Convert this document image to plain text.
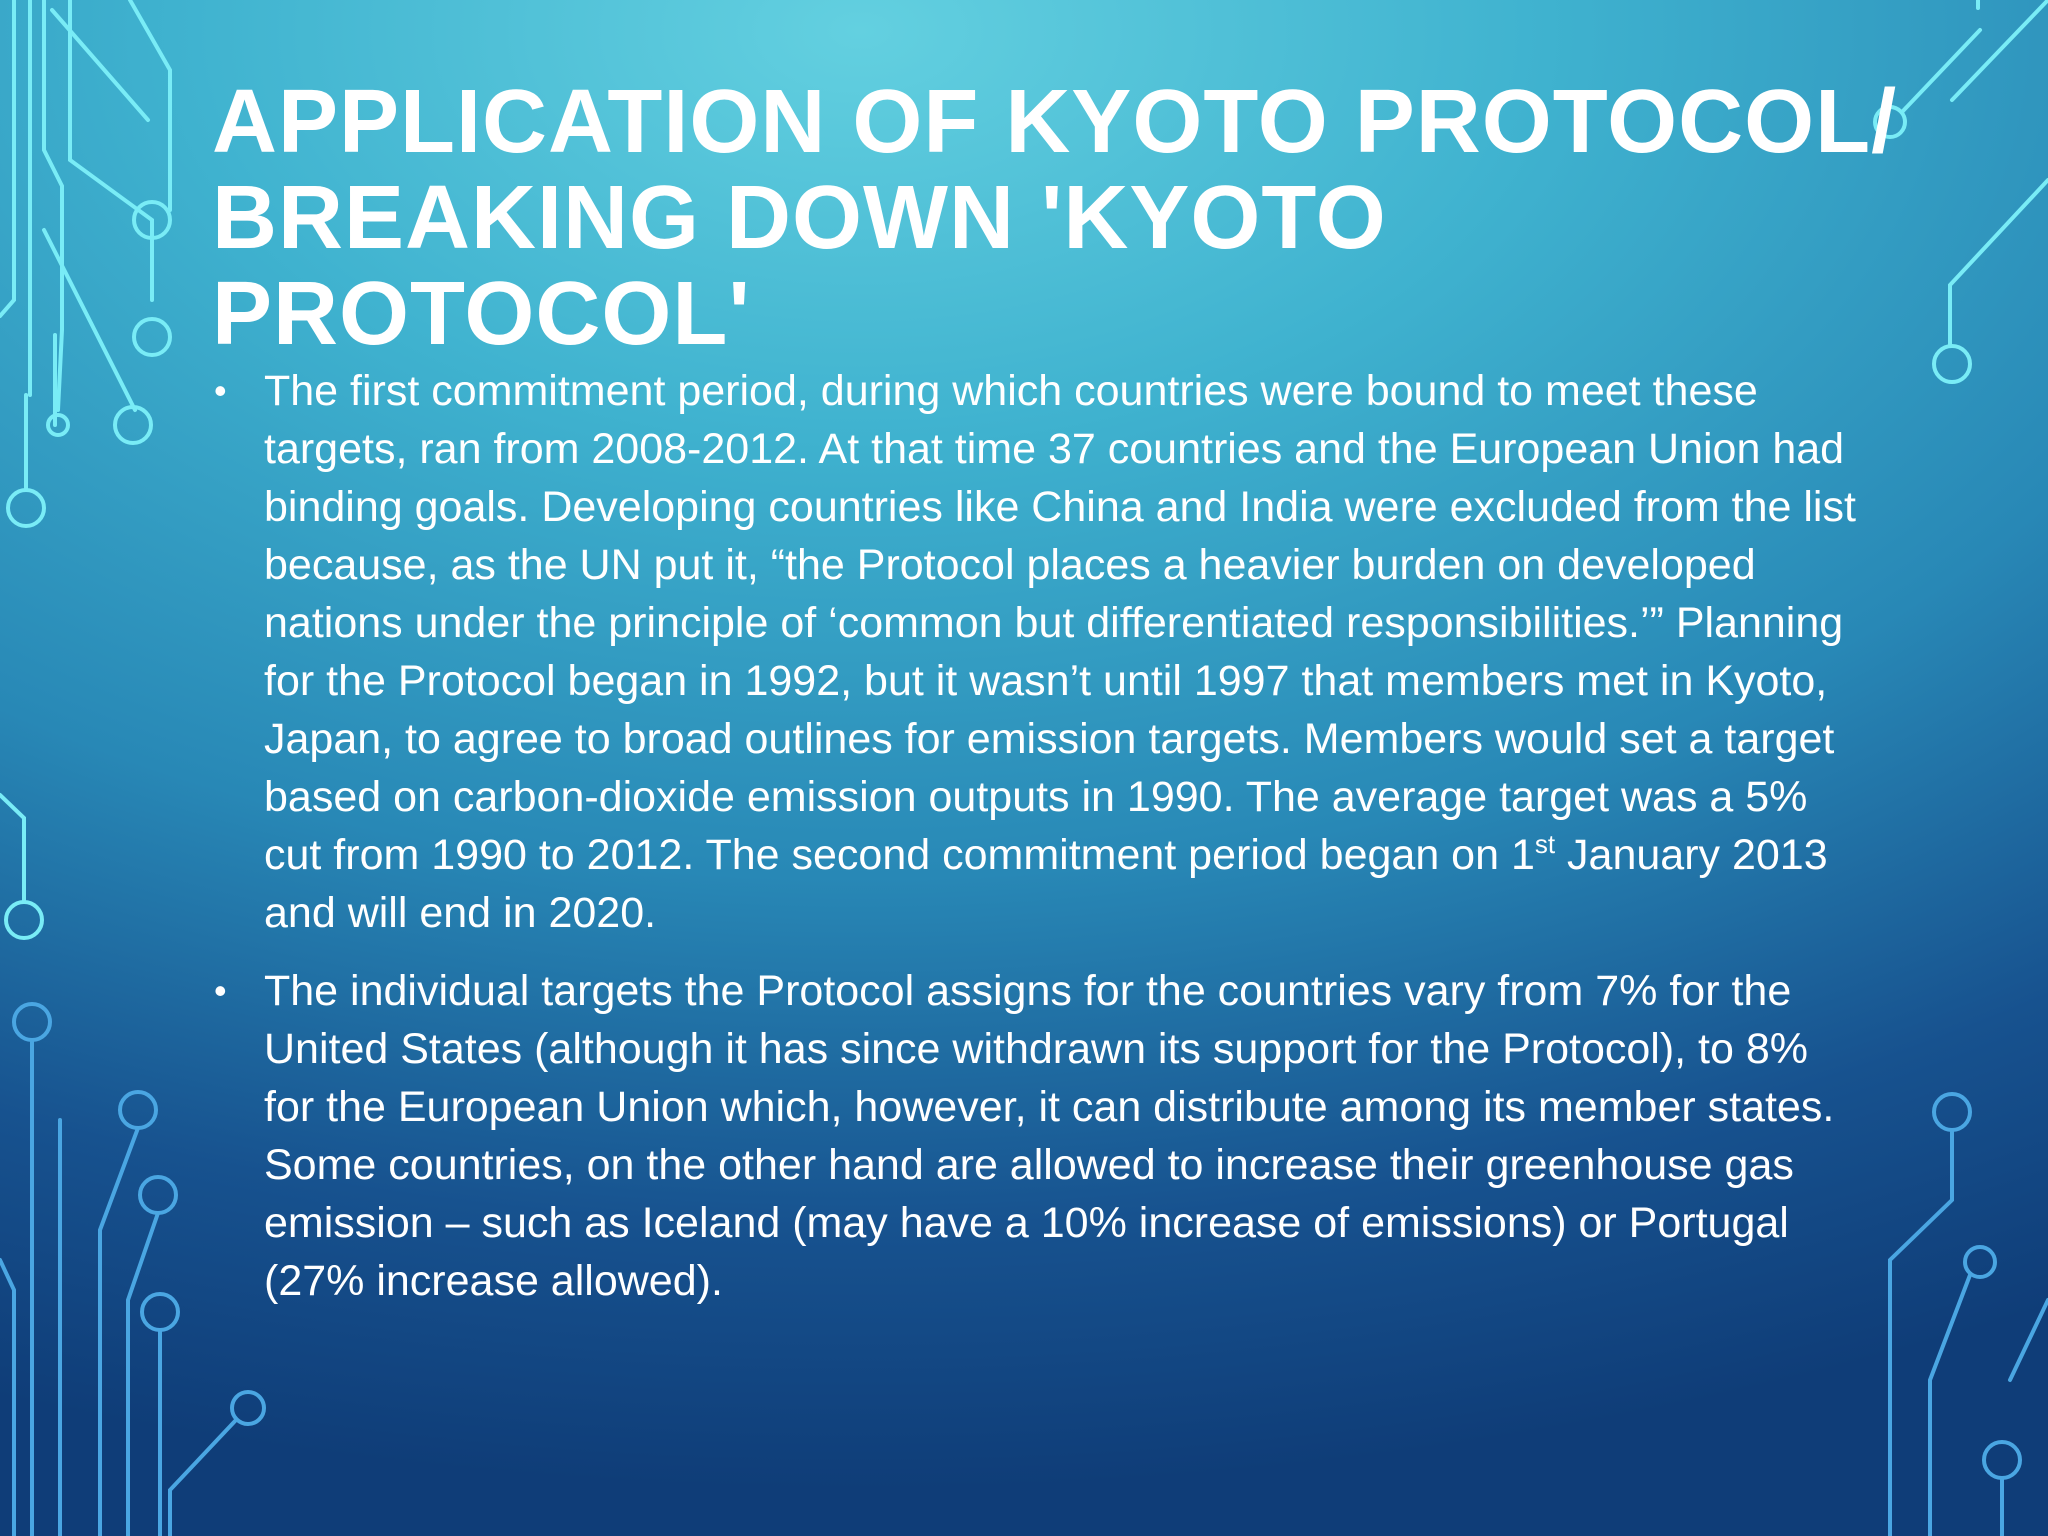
APPLICATION OF KYOTO PROTOCOL/ BREAKING DOWN 'KYOTO PROTOCOL'
• The first commitment period, during which countries were bound to meet these targets, ran from 2008-2012. At that time 37 countries and the European Union had binding goals. Developing countries like China and India were excluded from the list because, as the UN put it, “the Protocol places a heavier burden on developed nations under the principle of ‘common but differentiated responsibilities.’” Planning for the Protocol began in 1992, but it wasn’t until 1997 that members met in Kyoto, Japan, to agree to broad outlines for emission targets. Members would set a target based on carbon-dioxide emission outputs in 1990. The average target was a 5% cut from 1990 to 2012. The second commitment period began on 1st January 2013 and will end in 2020.
• The individual targets the Protocol assigns for the countries vary from 7% for the United States (although it has since withdrawn its support for the Protocol), to 8% for the European Union which, however, it can distribute among its member states. Some countries, on the other hand are allowed to increase their greenhouse gas emission – such as Iceland (may have a 10% increase of emissions) or Portugal (27% increase allowed).
